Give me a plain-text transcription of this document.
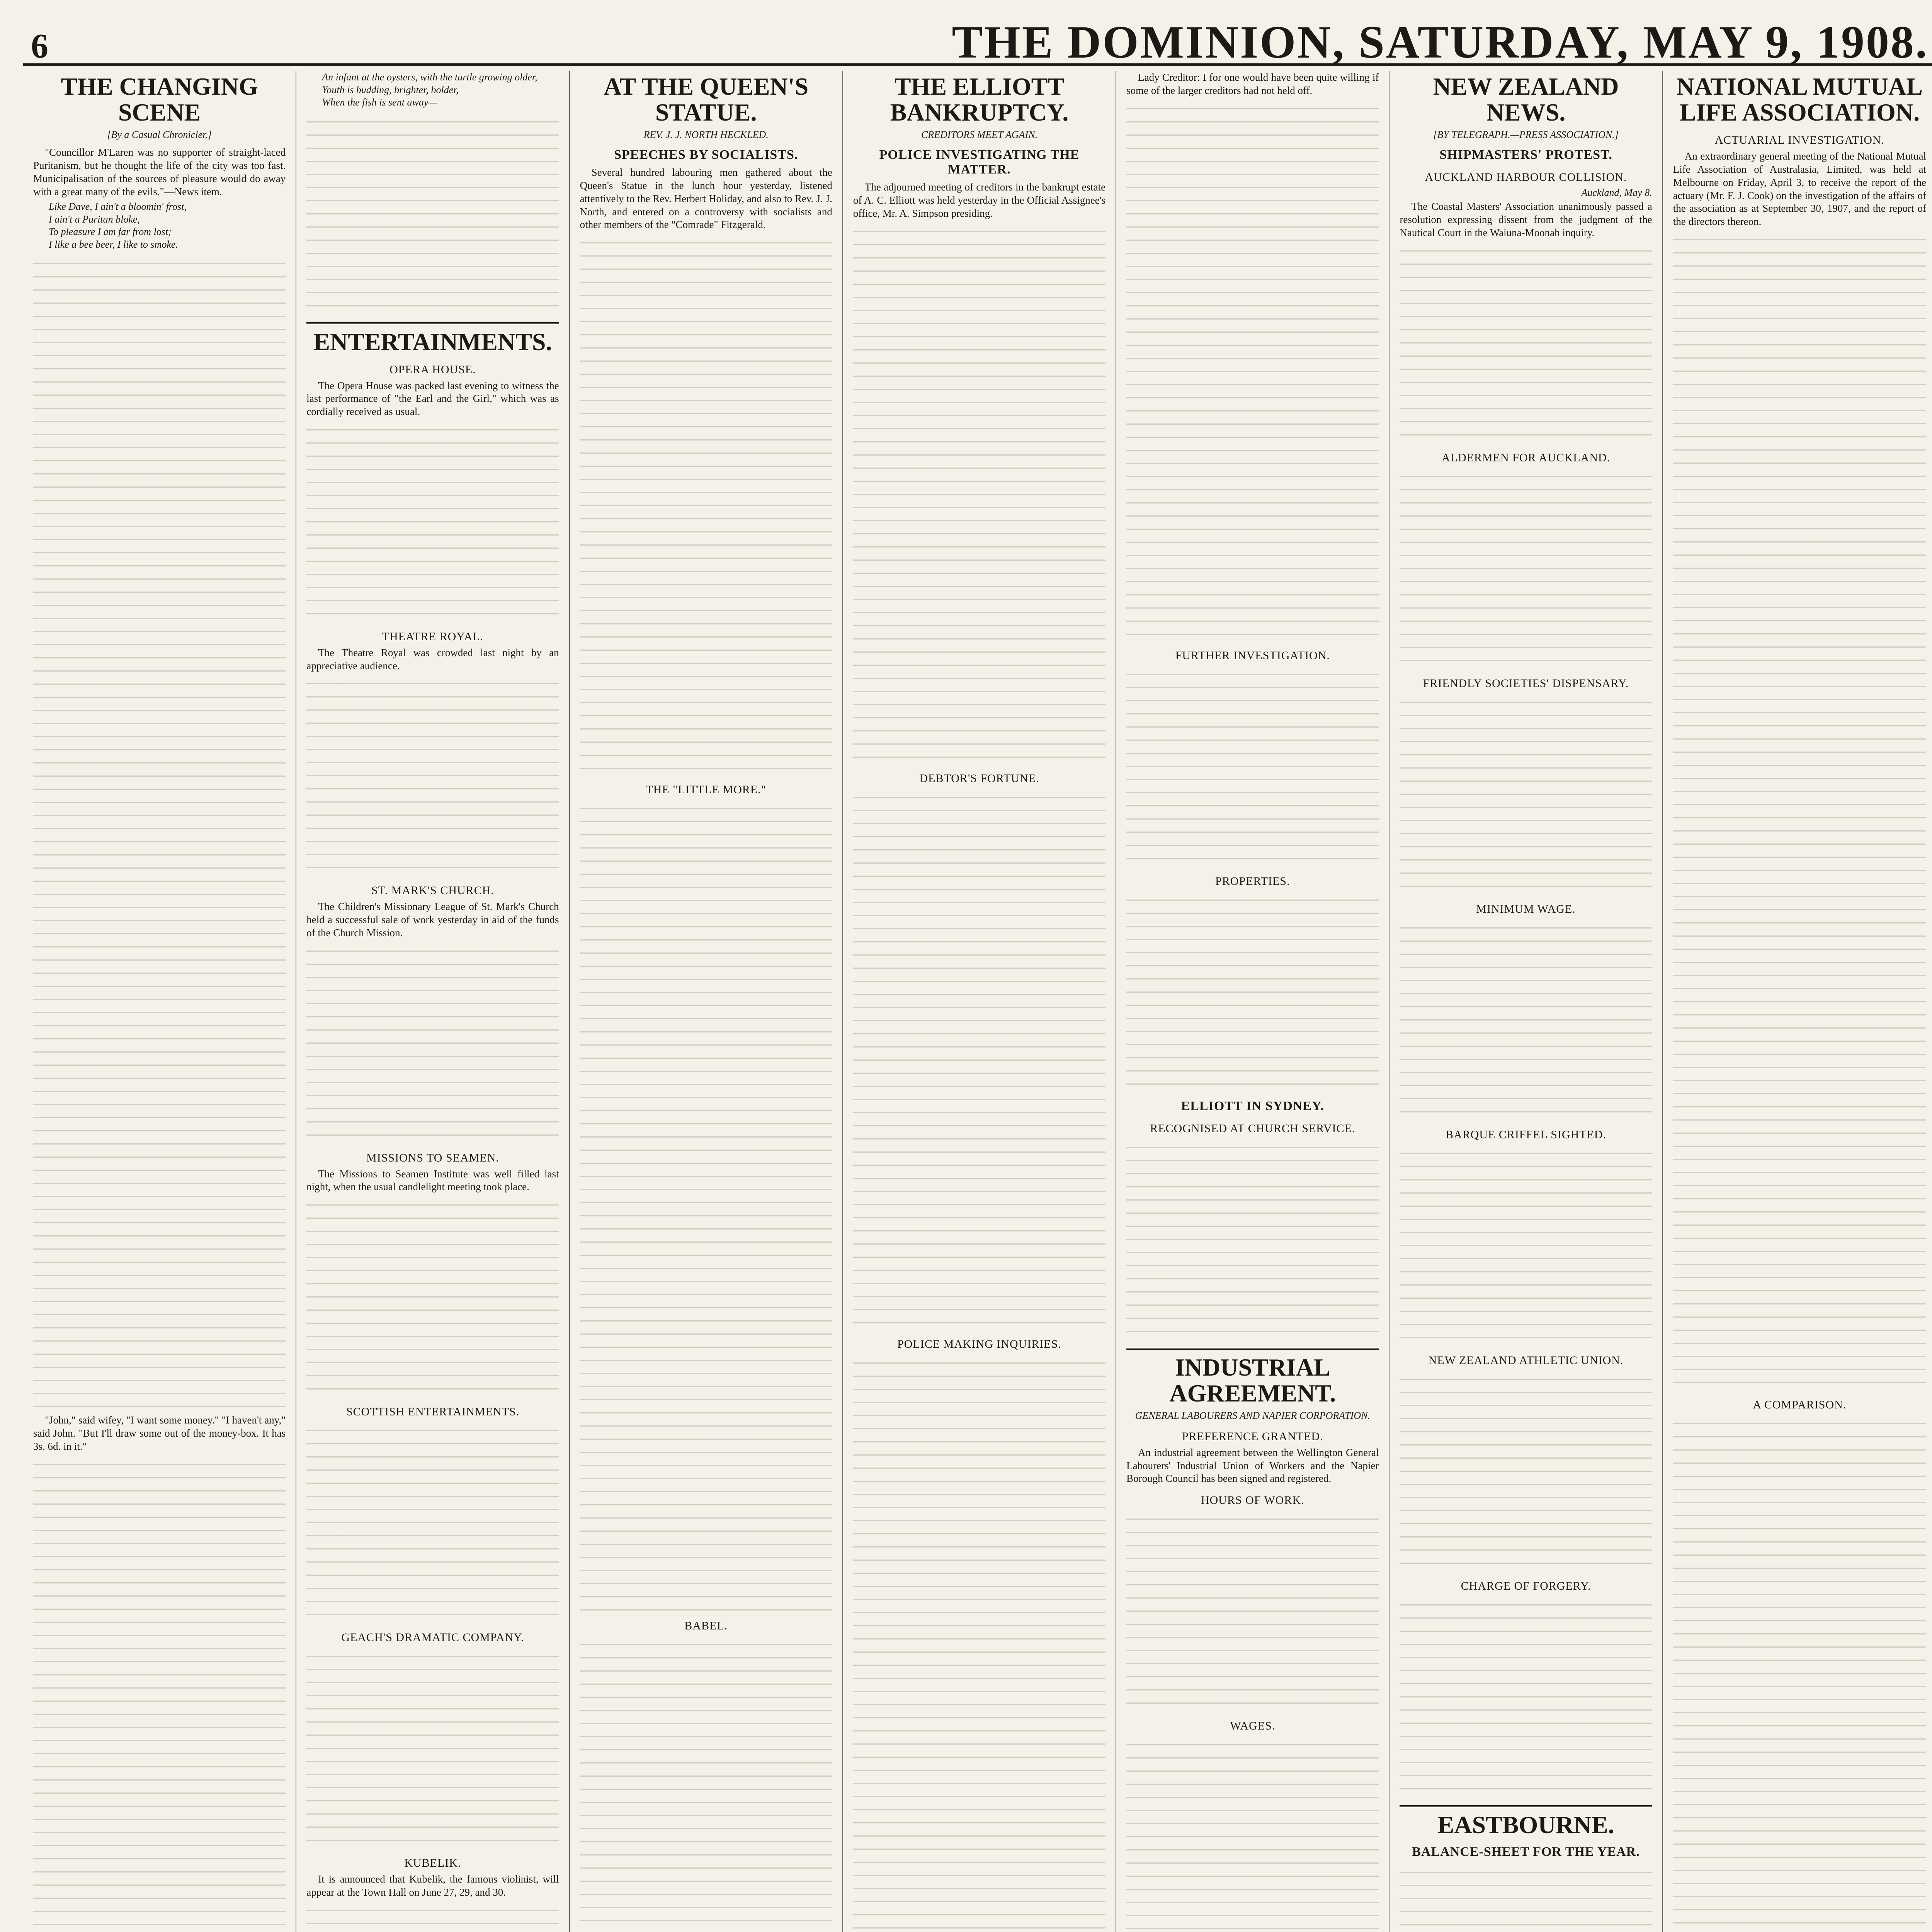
6	THE DOMINION, SATURDAY, MAY 9, 1908.
THE CHANGING SCENE
[By a Casual Chronicler.]

"Councillor M'Laren was no supporter of straight-laced Puritanism, but he thought the life of the city was too fast. Municipalisation of the sources of pleasure would do away with a great many of the evils."—News item.

Like Dave, I ain't a bloomin' frost,
I ain't a Puritan bloke,
To pleasure I am far from lost;
I like a bee beer, I like to smoke.

"John," said wifey, "I want some money." "I haven't any," said John. "But I'll draw some out of the money-box. It has 3s. 6d. in it."

An infant at the oysters, with the turtle growing older,
Youth is budding, brighter, bolder,
When the fish is sent away—
ENTERTAINMENTS.
OPERA HOUSE.

The Opera House was packed last evening to witness the last performance of "the Earl and the Girl," which was as cordially received as usual.

THEATRE ROYAL.

The Theatre Royal was crowded last night by an appreciative audience.

ST. MARK'S CHURCH.

The Children's Missionary League of St. Mark's Church held a successful sale of work yesterday in aid of the funds of the Church Mission.

MISSIONS TO SEAMEN.

The Missions to Seamen Institute was well filled last night, when the usual candlelight meeting took place.

SCOTTISH ENTERTAINMENTS.
GEACH'S DRAMATIC COMPANY.
KUBELIK.

It is announced that Kubelik, the famous violinist, will appear at the Town Hall on June 27, 29, and 30.

AT THE QUEEN'S STATUE.
REV. J. J. NORTH HECKLED.
SPEECHES BY SOCIALISTS.

Several hundred labouring men gathered about the Queen's Statue in the lunch hour yesterday, listened attentively to the Rev. Herbert Holiday, and also to Rev. J. J. North, and entered on a controversy with socialists and other members of the "Comrade" Fitzgerald.

THE "LITTLE MORE."
BABEL.
THE ELLIOTT BANKRUPTCY.
CREDITORS MEET AGAIN.
POLICE INVESTIGATING THE MATTER.

The adjourned meeting of creditors in the bankrupt estate of A. C. Elliott was held yesterday in the Official Assignee's office, Mr. A. Simpson presiding.

DEBTOR'S FORTUNE.
POLICE MAKING INQUIRIES.

Lady Creditor: I for one would have been quite willing if some of the larger creditors had not held off.

FURTHER INVESTIGATION.
PROPERTIES.
ELLIOTT IN SYDNEY.
RECOGNISED AT CHURCH SERVICE.
INDUSTRIAL AGREEMENT.
GENERAL LABOURERS AND NAPIER CORPORATION.
PREFERENCE GRANTED.

An industrial agreement between the Wellington General Labourers' Industrial Union of Workers and the Napier Borough Council has been signed and registered.

HOURS OF WORK.
WAGES.
NEW ZEALAND NEWS.
[BY TELEGRAPH.—PRESS ASSOCIATION.]
SHIPMASTERS' PROTEST.
AUCKLAND HARBOUR COLLISION.
Auckland, May 8.

The Coastal Masters' Association unanimously passed a resolution expressing dissent from the judgment of the Nautical Court in the Waiuna-Moonah inquiry.

ALDERMEN FOR AUCKLAND.
FRIENDLY SOCIETIES' DISPENSARY.
MINIMUM WAGE.
BARQUE CRIFFEL SIGHTED.
NEW ZEALAND ATHLETIC UNION.
CHARGE OF FORGERY.
EASTBOURNE.
BALANCE-SHEET FOR THE YEAR.
NATIONAL MUTUAL LIFE ASSOCIATION.
ACTUARIAL INVESTIGATION.

An extraordinary general meeting of the National Mutual Life Association of Australasia, Limited, was held at Melbourne on Friday, April 3, to receive the report of the actuary (Mr. F. J. Cook) on the investigation of the affairs of the association as at September 30, 1907, and the report of the directors thereon.

A COMPARISON.
